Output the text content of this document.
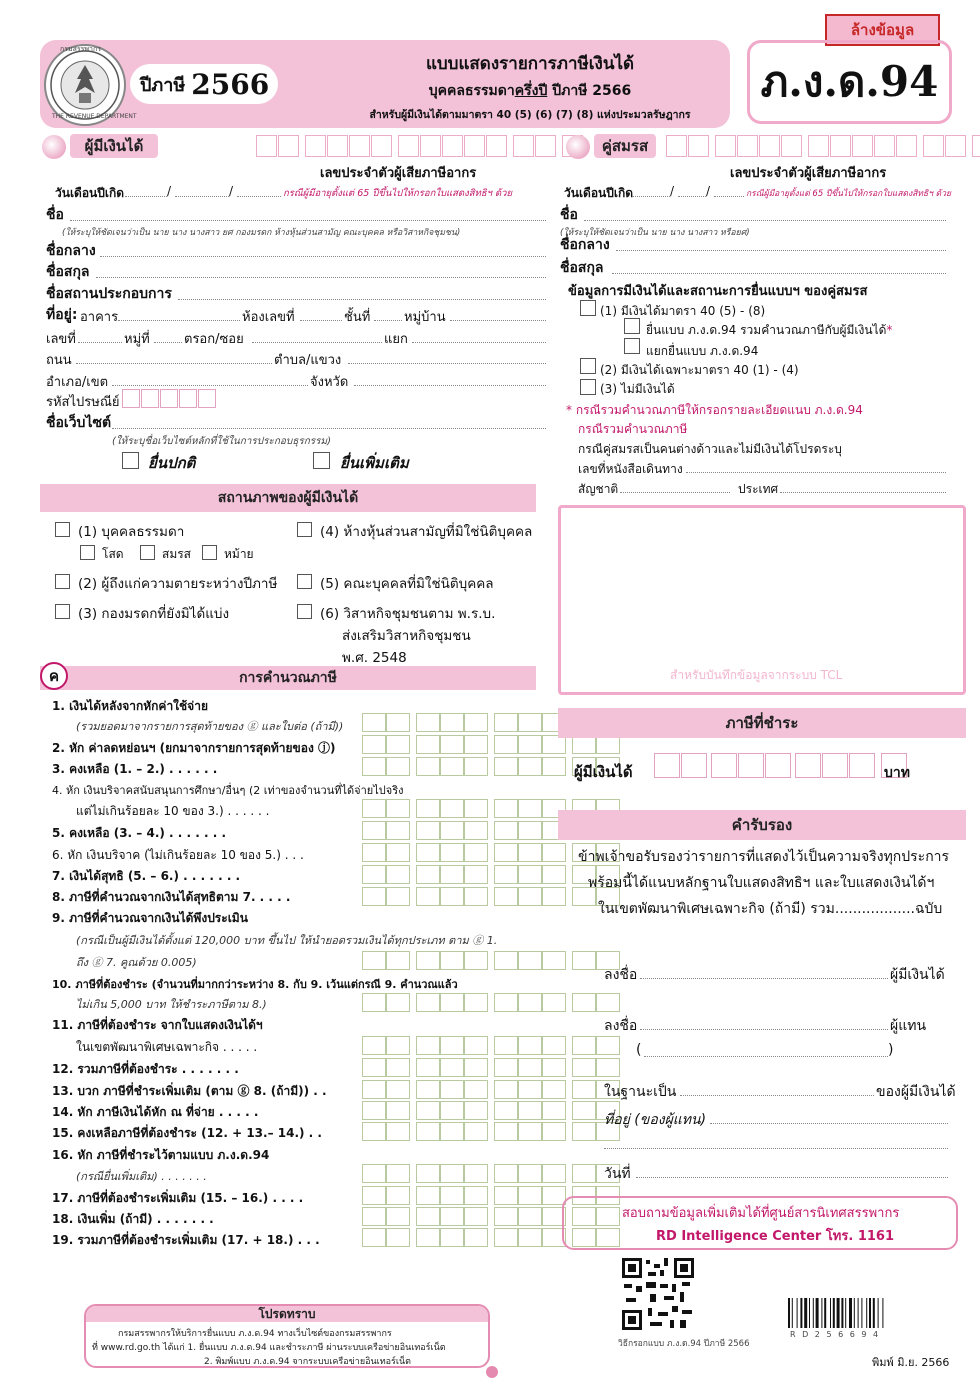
ล้างข้อมูล
กรมสรรพากร
THE REVENUE DEPARTMENT
ปีภาษี 2566
แบบแสดงรายการภาษีเงินได้
บุคคลธรรมดาครึ่งปี ปีภาษี 2566
สำหรับผู้มีเงินได้ตามมาตรา 40 (5) (6) (7) (8) แห่งประมวลรัษฎากร
ภ.ง.ด.94
ผู้มีเงินได้
เลขประจำตัวผู้เสียภาษีอากร
วันเดือนปีเกิด	/	/	กรณีผู้มีอายุตั้งแต่ 65 ปีขึ้นไปให้กรอกใบแสดงสิทธิฯ ด้วย
ชื่อ
(ให้ระบุให้ชัดเจนว่าเป็น นาย นาง นางสาว ยศ กองมรดก ห้างหุ้นส่วนสามัญ คณะบุคคล หรือวิสาหกิจชุมชน)
ชื่อกลาง
ชื่อสกุล
ชื่อสถานประกอบการ
ที่อยู่: อาคาร	ห้องเลขที่	ชั้นที่	หมู่บ้าน
เลขที่	หมู่ที่	ตรอก/ซอย	แยก
ถนน	ตำบล/แขวง
อำเภอ/เขต	จังหวัด
รหัสไปรษณีย์
ชื่อเว็บไซต์
(ให้ระบุชื่อเว็บไซต์หลักที่ใช้ในการประกอบธุรกรรม)
ยื่นปกติ	ยื่นเพิ่มเติม
สถานภาพของผู้มีเงินได้
(1) บุคคลธรรมดา
โสด	สมรส	หม้าย
(2) ผู้ถึงแก่ความตายระหว่างปีภาษี
(3) กองมรดกที่ยังมิได้แบ่ง
(4) ห้างหุ้นส่วนสามัญที่มิใช่นิติบุคคล
(5) คณะบุคคลที่มิใช่นิติบุคคล
(6) วิสาหกิจชุมชนตาม พ.ร.บ.
ส่งเสริมวิสาหกิจชุมชน
พ.ศ. 2548
การคำนวณภาษี
ค
1. เงินได้หลังจากหักค่าใช้จ่าย
(รวมยอดมาจากรายการสุดท้ายของ ⓖ และใบต่อ (ถ้ามี))
2. หัก ค่าลดหย่อนฯ (ยกมาจากรายการสุดท้ายของ ⓙ)
3. คงเหลือ (1. – 2.) . . . . . .
4. หัก เงินบริจาคสนับสนุนการศึกษา/อื่นๆ (2 เท่าของจำนวนที่ได้จ่ายไปจริง
แต่ไม่เกินร้อยละ 10 ของ 3.) . . . . . .
5. คงเหลือ (3. – 4.) . . . . . . .
6. หัก เงินบริจาค (ไม่เกินร้อยละ 10 ของ 5.) . . .
7. เงินได้สุทธิ (5. – 6.) . . . . . . .
8. ภาษีที่คำนวณจากเงินได้สุทธิตาม 7. . . . .
9. ภาษีที่คำนวณจากเงินได้พึงประเมิน
(กรณีเป็นผู้มีเงินได้ตั้งแต่ 120,000 บาท ขึ้นไป ให้นำยอดรวมเงินได้ทุกประเภท ตาม ⓖ 1.
ถึง ⓖ 7. คูณด้วย 0.005)
10. ภาษีที่ต้องชำระ (จำนวนที่มากกว่าระหว่าง 8. กับ 9. เว้นแต่กรณี 9. คำนวณแล้ว
ไม่เกิน 5,000 บาท ให้ชำระภาษีตาม 8.)
11. ภาษีที่ต้องชำระ จากใบแสดงเงินได้ฯ
ในเขตพัฒนาพิเศษเฉพาะกิจ . . . . .
12. รวมภาษีที่ต้องชำระ . . . . . . .
13. บวก ภาษีที่ชำระเพิ่มเติม (ตาม ⓖ 8. (ถ้ามี)) . .
14. หัก ภาษีเงินได้หัก ณ ที่จ่าย . . . . .
15. คงเหลือภาษีที่ต้องชำระ (12. + 13.– 14.) . .
16. หัก ภาษีที่ชำระไว้ตามแบบ ภ.ง.ด.94
(กรณียื่นเพิ่มเติม) . . . . . . .
17. ภาษีที่ต้องชำระเพิ่มเติม (15. – 16.) . . . .
18. เงินเพิ่ม (ถ้ามี) . . . . . . .
19. รวมภาษีที่ต้องชำระเพิ่มเติม (17. + 18.) . . .
คู่สมรส
เลขประจำตัวผู้เสียภาษีอากร
วันเดือนปีเกิด	/	/	กรณีผู้มีอายุตั้งแต่ 65 ปีขึ้นไปให้กรอกใบแสดงสิทธิฯ ด้วย
ชื่อ
(ให้ระบุให้ชัดเจนว่าเป็น นาย นาง นางสาว หรือยศ)
ชื่อกลาง
ชื่อสกุล
ข้อมูลการมีเงินได้และสถานะการยื่นแบบฯ ของคู่สมรส
(1) มีเงินได้มาตรา 40 (5) - (8)
ยื่นแบบ ภ.ง.ด.94 รวมคำนวณภาษีกับผู้มีเงินได้*
แยกยื่นแบบ ภ.ง.ด.94
(2) มีเงินได้เฉพาะมาตรา 40 (1) - (4)
(3) ไม่มีเงินได้
* กรณีรวมคำนวณภาษีให้กรอกรายละเอียดแนบ ภ.ง.ด.94
กรณีรวมคำนวณภาษี
กรณีคู่สมรสเป็นคนต่างด้าวและไม่มีเงินได้โปรดระบุ
เลขที่หนังสือเดินทาง
สัญชาติ	ประเทศ
สำหรับบันทึกข้อมูลจากระบบ TCL
ภาษีที่ชำระ
ผู้มีเงินได้	บาท
คำรับรอง
ข้าพเจ้าขอรับรองว่ารายการที่แสดงไว้เป็นความจริงทุกประการ
พร้อมนี้ได้แนบหลักฐานใบแสดงสิทธิฯ และใบแสดงเงินได้ฯ
ในเขตพัฒนาพิเศษเฉพาะกิจ (ถ้ามี) รวม..................ฉบับ
ลงชื่อ	ผู้มีเงินได้
ลงชื่อ	ผู้แทน
(	)
ในฐานะเป็น	ของผู้มีเงินได้
ที่อยู่ (ของผู้แทน)
วันที่
สอบถามข้อมูลเพิ่มเติมได้ที่ศูนย์สารนิเทศสรรพากร
RD Intelligence Center โทร. 1161
วิธีกรอกแบบ ภ.ง.ด.94 ปีภาษี 2566
R D 2 5 6 6 9 4
พิมพ์ มิ.ย. 2566
โปรดทราบ
กรมสรรพากรให้บริการยื่นแบบ ภ.ง.ด.94 ทางเว็บไซต์ของกรมสรรพากร
ที่ www.rd.go.th ได้แก่ 1. ยื่นแบบ ภ.ง.ด.94 และชำระภาษี ผ่านระบบเครือข่ายอินเทอร์เน็ต
2. พิมพ์แบบ ภ.ง.ด.94 จากระบบเครือข่ายอินเทอร์เน็ต
